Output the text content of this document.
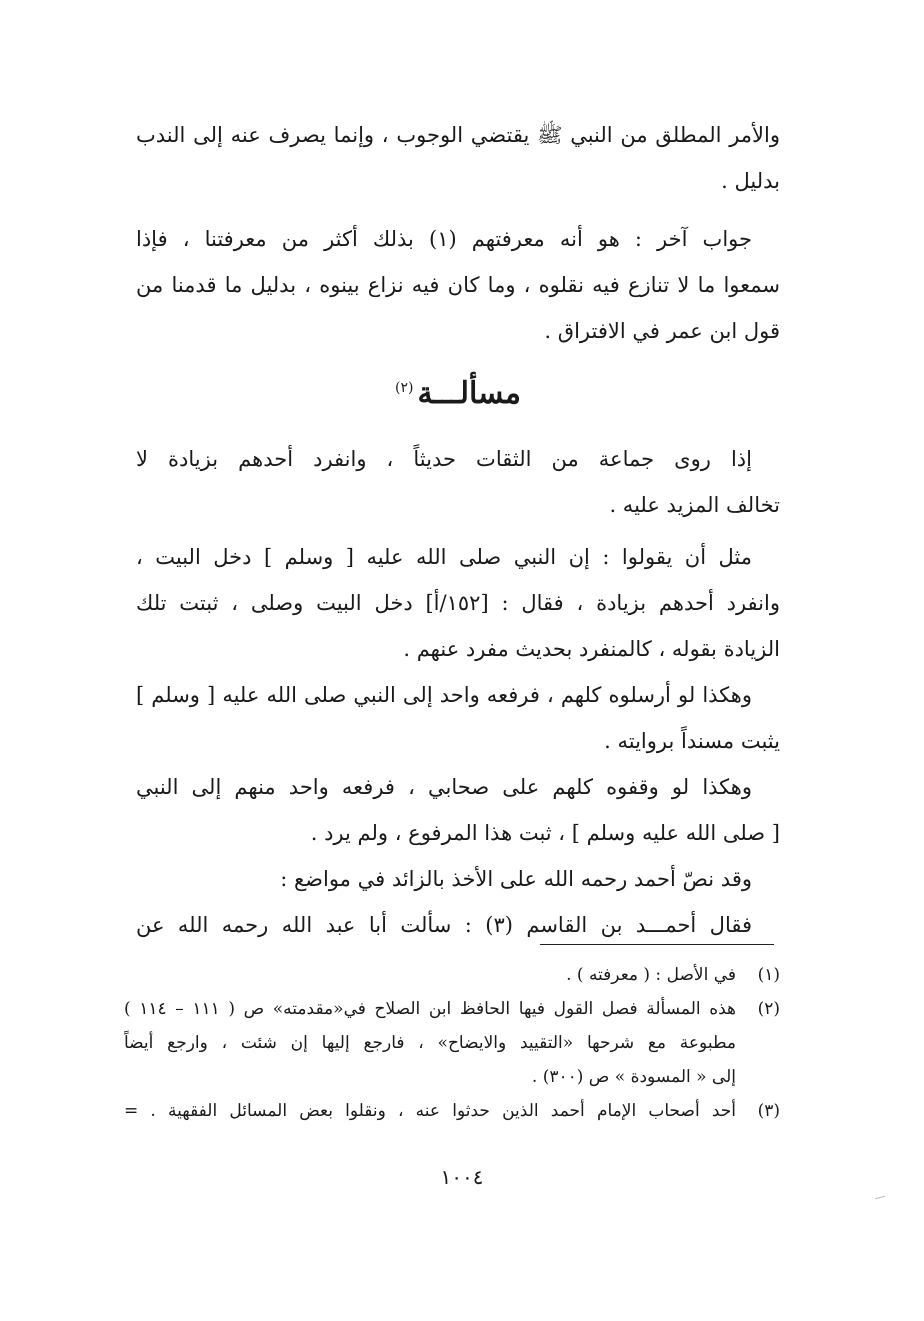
والأمر المطلق من النبي ﷺ يقتضي الوجوب ، وإنما يصرف عنه إلى الندب
بدليل .
جواب آخر : هو أنه معرفتهم (١) بذلك أكثر من معرفتنا ، فإذا
سمعوا ما لا تنازع فيه نقلوه ، وما كان فيه نزاع بينوه ، بدليل ما قدمنا من
قول ابن عمر في الافتراق .
مسألـــة$^{(٢)}$
إذا روى جماعة من الثقات حديثاً ، وانفرد أحدهم بزيادة لا
تخالف المزيد عليه .
مثل أن يقولوا : إن النبي صلى الله عليه [ وسلم ] دخل البيت ،
وانفرد أحدهم بزيادة ، فقال : [١٥٢/أ] دخل البيت وصلى ، ثبتت تلك
الزيادة بقوله ، كالمنفرد بحديث مفرد عنهم .
وهكذا لو أرسلوه كلهم ، فرفعه واحد إلى النبي صلى الله عليه [ وسلم ]
يثبت مسنداً بروايته .
وهكذا لو وقفوه كلهم على صحابي ، فرفعه واحد منهم إلى النبي
[ صلى الله عليه وسلم ] ، ثبت هذا المرفوع ، ولم يرد .
وقد نصّ أحمد رحمه الله على الأخذ بالزائد في مواضع :
فقال أحمـــد بن القاسم (٣) : سألت أبا عبد الله رحمه الله عن
(١)
في الأصل : ( معرفته ) .
(٢)
هذه المسألة فصل القول فيها الحافظ ابن الصلاح في«مقدمته» ص ( ١١١ – ١١٤ )
مطبوعة مع شرحها «التقييد والايضاح» ، فارجع إليها إن شئت ، وارجع أيضاً
إلى « المسودة » ص (٣٠٠) .
(٣)
أحد أصحاب الإمام أحمد الذين حدثوا عنه ، ونقلوا بعض المسائل الفقهية . =
١٠٠٤
